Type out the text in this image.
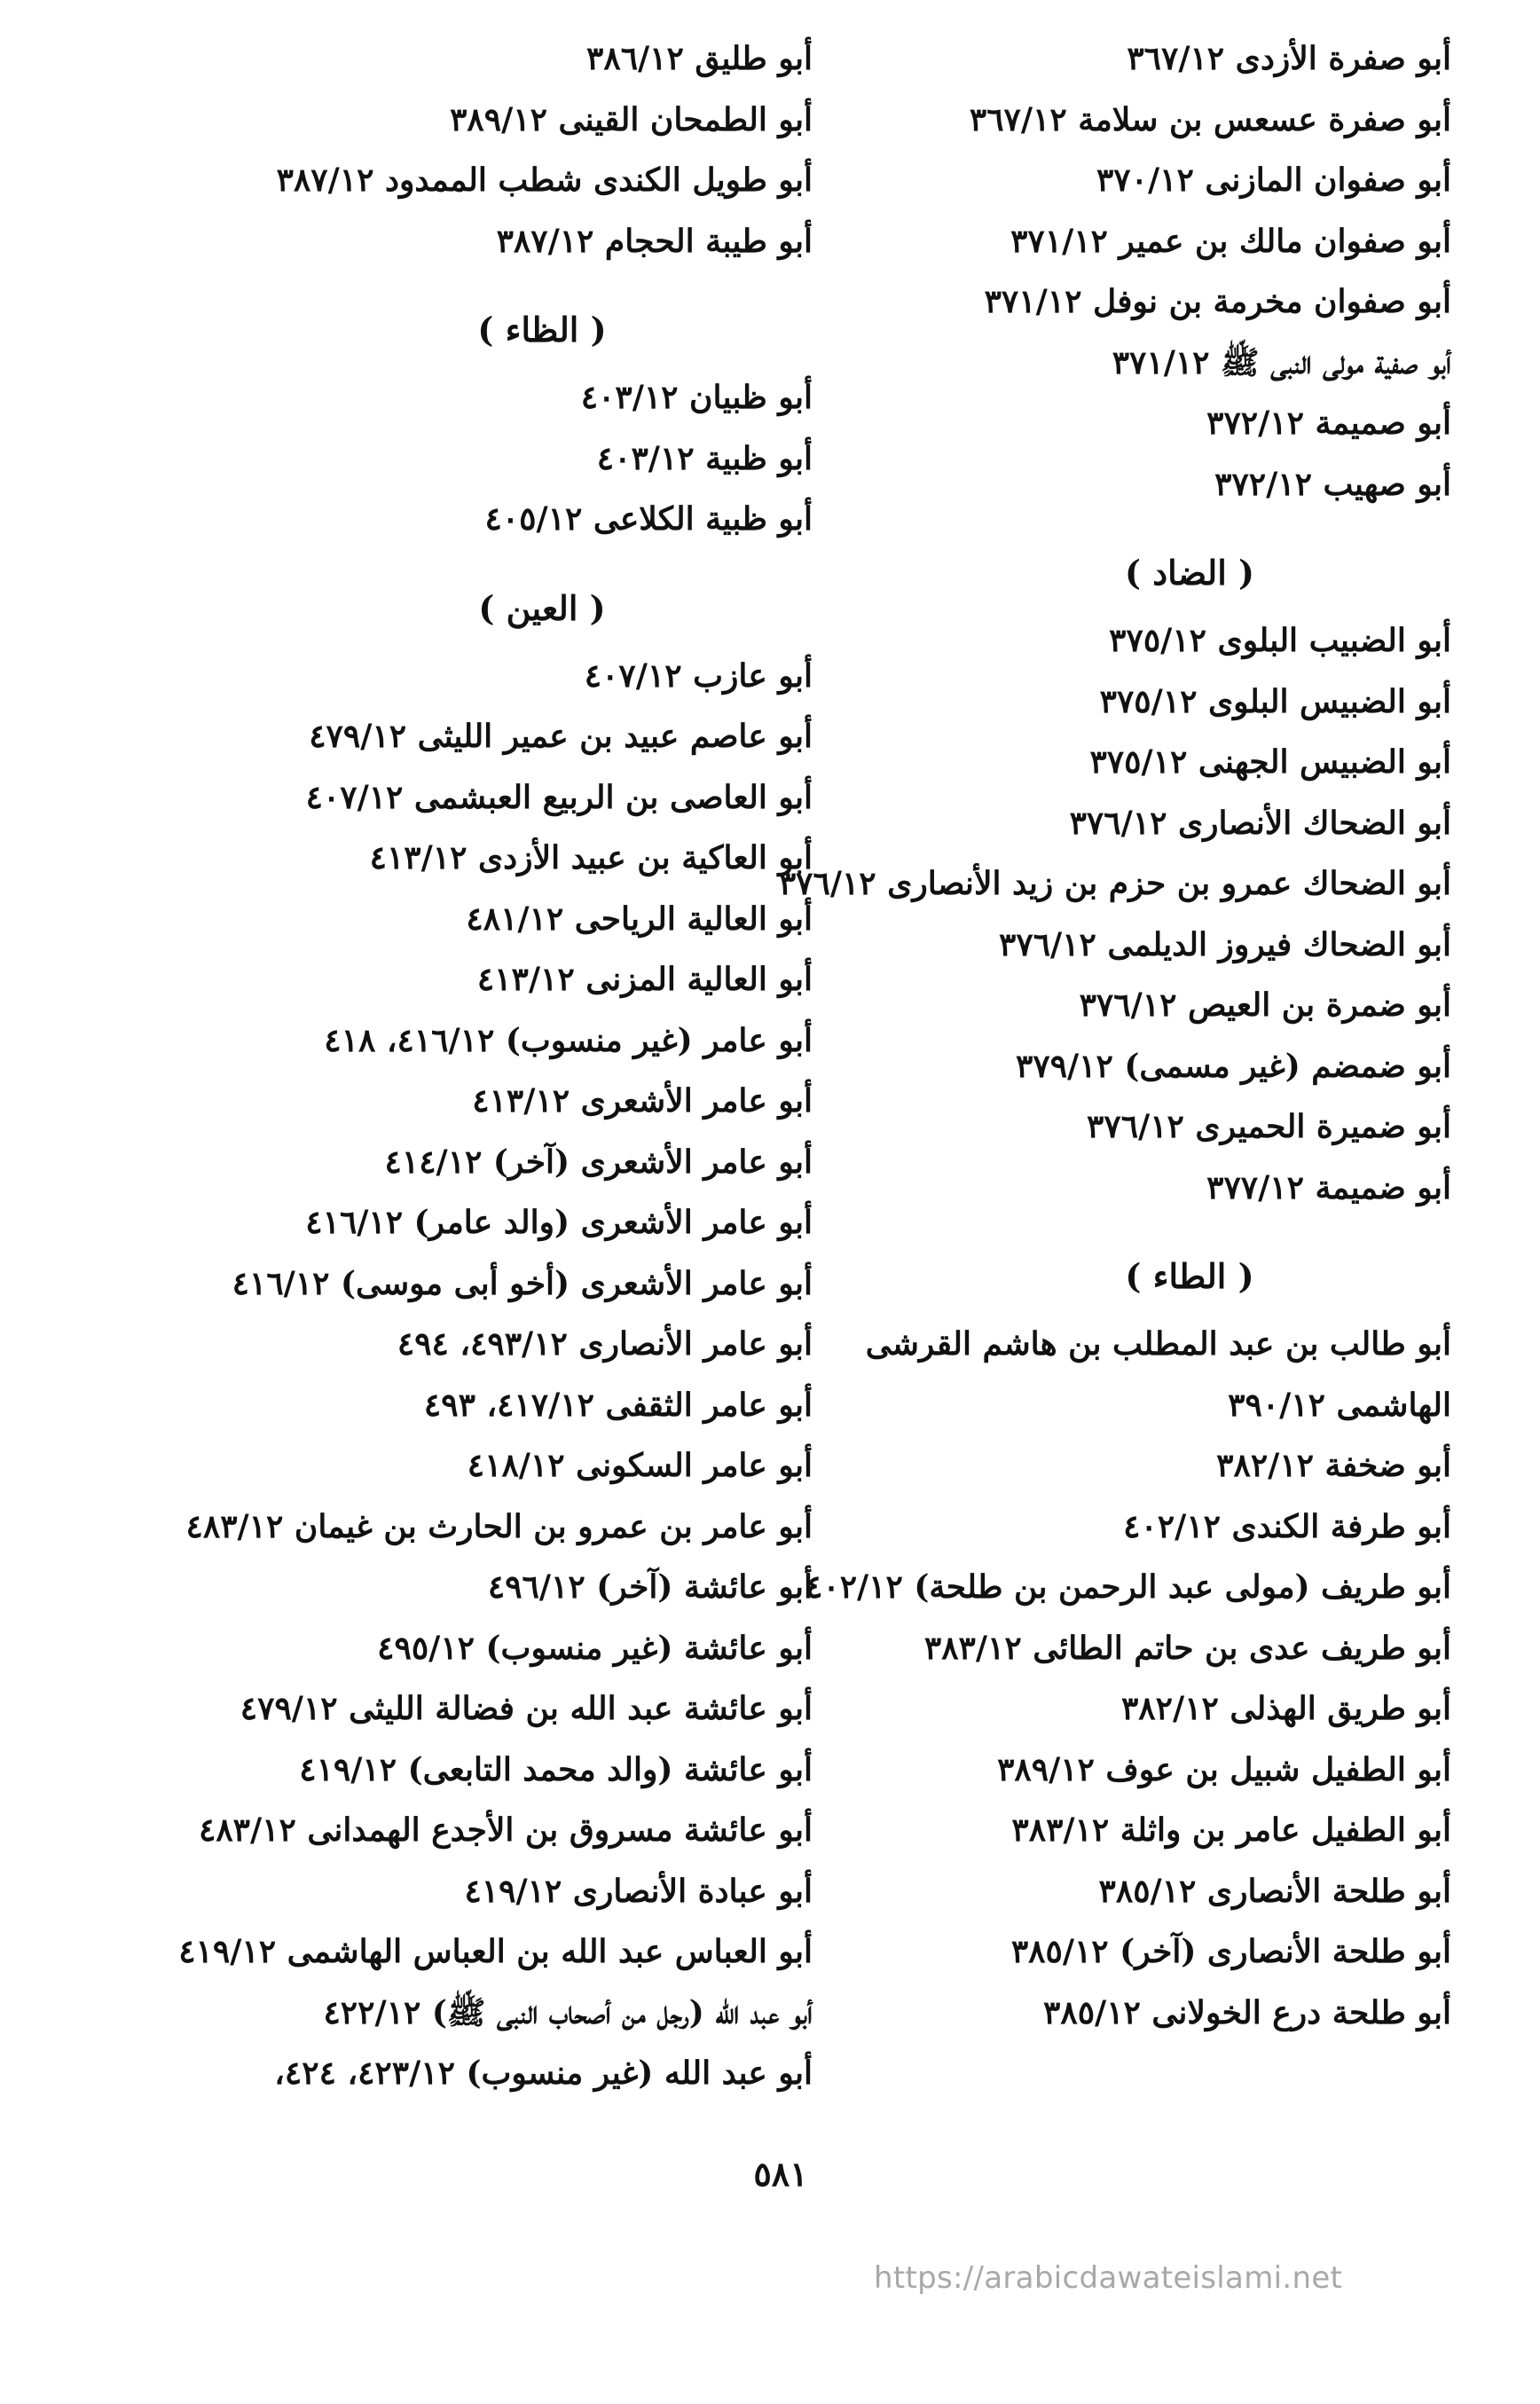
أبو صفرة الأزدى ٣٦٧/١٢
أبو صفرة عسعس بن سلامة ٣٦٧/١٢
أبو صفوان المازنى ٣٧٠/١٢
أبو صفوان مالك بن عمير ٣٧١/١٢
أبو صفوان مخرمة بن نوفل ٣٧١/١٢
أبو صفية مولى النبى ﷺ ٣٧١/١٢
أبو صميمة ٣٧٢/١٢
أبو صهيب ٣٧٢/١٢
( الضاد )
أبو الضبيب البلوى ٣٧٥/١٢
أبو الضبيس البلوى ٣٧٥/١٢
أبو الضبيس الجهنى ٣٧٥/١٢
أبو الضحاك الأنصارى ٣٧٦/١٢
أبو الضحاك عمرو بن حزم بن زيد الأنصارى ٣٧٦/١٢
أبو الضحاك فيروز الديلمى ٣٧٦/١٢
أبو ضمرة بن العيص ٣٧٦/١٢
أبو ضمضم (غير مسمى) ٣٧٩/١٢
أبو ضميرة الحميرى ٣٧٦/١٢
أبو ضميمة ٣٧٧/١٢
( الطاء )
أبو طالب بن عبد المطلب بن هاشم القرشى الهاشمى ٣٩٠/١٢
أبو ضخفة ٣٨٢/١٢
أبو طرفة الكندى ٤٠٢/١٢
أبو طريف (مولى عبد الرحمن بن طلحة) ٤٠٢/١٢
أبو طريف عدى بن حاتم الطائى ٣٨٣/١٢
أبو طريق الهذلى ٣٨٢/١٢
أبو الطفيل شبيل بن عوف ٣٨٩/١٢
أبو الطفيل عامر بن واثلة ٣٨٣/١٢
أبو طلحة الأنصارى ٣٨٥/١٢
أبو طلحة الأنصارى (آخر) ٣٨٥/١٢
أبو طلحة درع الخولانى ٣٨٥/١٢
أبو طليق ٣٨٦/١٢
أبو الطمحان القينى ٣٨٩/١٢
أبو طويل الكندى شطب الممدود ٣٨٧/١٢
أبو طيبة الحجام ٣٨٧/١٢
( الظاء )
أبو ظبيان ٤٠٣/١٢
أبو ظبية ٤٠٣/١٢
أبو ظبية الكلاعى ٤٠٥/١٢
( العين )
أبو عازب ٤٠٧/١٢
أبو عاصم عبيد بن عمير الليثى ٤٧٩/١٢
أبو العاصى بن الربيع العبشمى ٤٠٧/١٢
أبو العاكية بن عبيد الأزدى ٤١٣/١٢
أبو العالية الرياحى ٤٨١/١٢
أبو العالية المزنى ٤١٣/١٢
أبو عامر (غير منسوب) ٤١٦/١٢، ٤١٨
أبو عامر الأشعرى ٤١٣/١٢
أبو عامر الأشعرى (آخر) ٤١٤/١٢
أبو عامر الأشعرى (والد عامر) ٤١٦/١٢
أبو عامر الأشعرى (أخو أبى موسى) ٤١٦/١٢
أبو عامر الأنصارى ٤٩٣/١٢، ٤٩٤
أبو عامر الثقفى ٤١٧/١٢، ٤٩٣
أبو عامر السكونى ٤١٨/١٢
أبو عامر بن عمرو بن الحارث بن غيمان ٤٨٣/١٢
أبو عائشة (آخر) ٤٩٦/١٢
أبو عائشة (غير منسوب) ٤٩٥/١٢
أبو عائشة عبد الله بن فضالة الليثى ٤٧٩/١٢
أبو عائشة (والد محمد التابعى) ٤١٩/١٢
أبو عائشة مسروق بن الأجدع الهمدانى ٤٨٣/١٢
أبو عبادة الأنصارى ٤١٩/١٢
أبو العباس عبد الله بن العباس الهاشمى ٤١٩/١٢
أبو عبد الله (رجل من أصحاب النبى ﷺ) ٤٢٢/١٢
أبو عبد الله (غير منسوب) ٤٢٣/١٢، ٤٢٤،
٥٨١
https://arabicdawateislami.net
